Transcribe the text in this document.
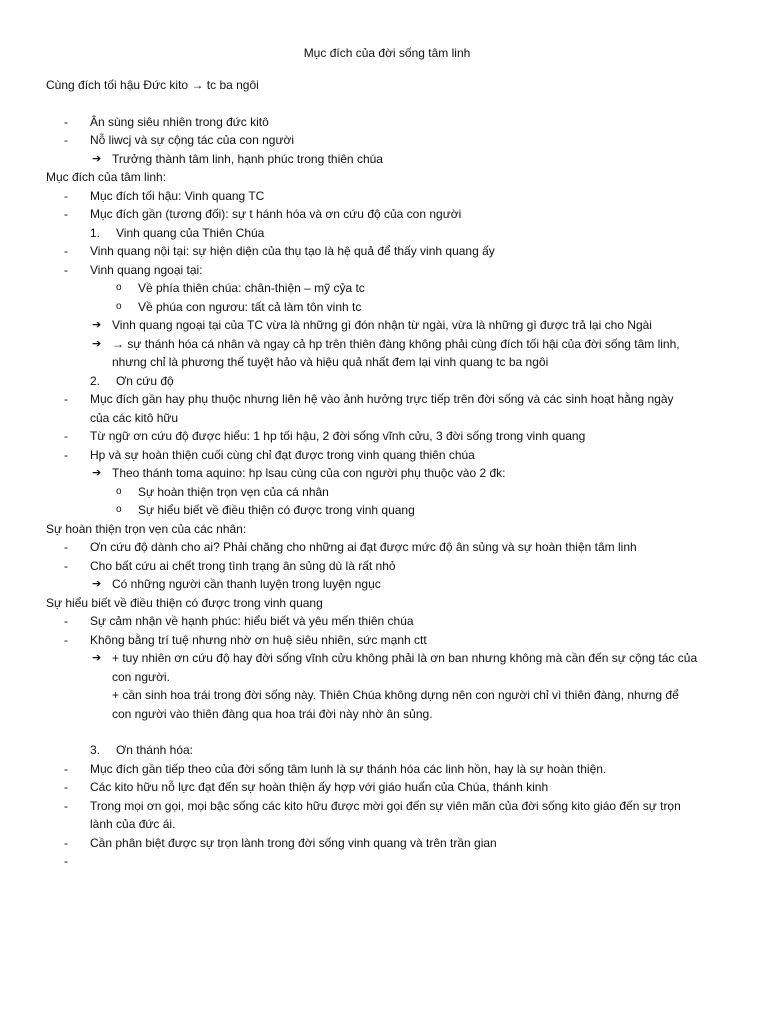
Mục đích của đời sống tâm linh
Cùng đích tối hậu Đức kito → tc ba ngôi
- Ân sùng siêu nhiên trong đức kitô
- Nỗ liwcj và sự cộng tác của con người
➔ Trưởng thành tâm linh, hạnh phúc trong thiên chúa
Mục đích của tâm linh:
- Mục đích tối hậu: Vinh quang TC
- Mục đích gần (tương đối): sự t hánh hóa và ơn cứu độ của con người
1. Vinh quang của Thiên Chúa
- Vinh quang nội tại: sự hiện diện của thụ tạo là hệ quả để thấy vinh quang ấy
- Vinh quang ngoại tại:
o Về phía thiên chúa: chân-thiện – mỹ cỷa tc
o Về phúa con ngươu: tất cả làm tôn vinh tc
➔ Vinh quang ngoại tại của TC vừa là những gì đón nhận từ ngài, vừa là những gì được trả lại cho Ngài
➔ → sự thánh hóa cá nhân và ngay cả hp trên thiên đàng không phải cùng đích tối hậi của đời sống tâm linh,
nhưng chỉ là phương thế tuyệt hảo và hiệu quả nhất đem lại vinh quang tc ba ngôi
2. Ơn cứu độ
- Mục đích gần hay phụ thuộc nhưng liên hệ vào ảnh hưởng trực tiếp trên đời sống và các sinh hoạt hằng ngày
của các kitô hữu
- Từ ngữ ơn cứu độ được hiểu: 1 hp tối hậu, 2 đời sống vĩnh cửu, 3 đời sống trong vinh quang
- Hp và sự hoàn thiện cuối cùng chỉ đạt được trong vinh quang thiên chúa
➔ Theo thánh toma aquino: hp lsau cùng của con người phụ thuộc vào 2 đk:
o Sự hoàn thiện trọn vẹn của cá nhân
o Sự hiểu biết về điều thiện có được trong vinh quang
Sự hoàn thiện trọn vẹn của các nhân:
- Ơn cứu độ dành cho ai? Phải chăng cho những ai đạt được mức độ ân sủng và sự hoàn thiện tâm linh
- Cho bất cứu ai chết trong tình trạng ân sủng dù là rất nhỏ
➔ Có những người cần thanh luyện trong luyện ngục
Sự hiểu biết về điều thiện có được trong vinh quang
- Sự cảm nhận về hạnh phúc: hiểu biết và yêu mến thiên chúa
- Không bằng trí tuệ nhưng nhờ ơn huệ siêu nhiên, sức mạnh ctt
➔ + tuy nhiên ơn cứu độ hay đời sống vĩnh cửu không phải là ơn ban nhưng không mà cần đến sự cộng tác của
con người.
+ cần sinh hoa trái trong đời sống này. Thiên Chúa không dựng nên con người chỉ vì thiên đàng, nhưng để
con người vào thiên đàng qua hoa trái đời này nhờ ân sủng.
3. Ơn thánh hóa:
- Mục đích gần tiếp theo của đời sống tâm lunh là sự thánh hóa các linh hồn, hay là sự hoàn thiện.
- Các kito hữu nỗ lực đạt đến sự hoàn thiện ấy hợp với giáo huấn của Chúa, thánh kinh
- Trong mọi ơn gọi, mọi bậc sống các kito hữu được mời gọi đến sự viên mãn của đời sống kito giáo đến sự trọn
lành của đức ái.
- Cần phân biệt được sự trọn lành trong đời sống vinh quang và trên trần gian
